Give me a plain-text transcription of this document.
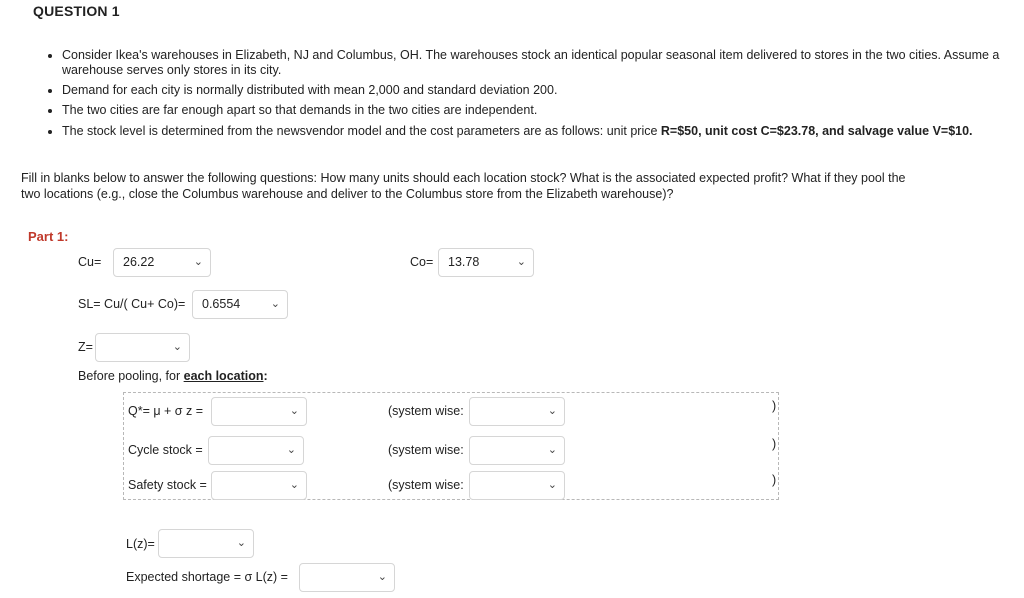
QUESTION 1
• Consider Ikea's warehouses in Elizabeth, NJ and Columbus, OH. The warehouses stock an identical popular seasonal item delivered to stores in the two cities. Assume a warehouse serves only stores in its city.
• Demand for each city is normally distributed with mean 2,000 and standard deviation 200.
• The two cities are far enough apart so that demands in the two cities are independent.
• The stock level is determined from the newsvendor model and the cost parameters are as follows: unit price R=$50, unit cost C=$23.78, and salvage value V=$10.
Fill in blanks below to answer the following questions: How many units should each location stock? What is the associated expected profit? What if they pool the two locations (e.g., close the Columbus warehouse and deliver to the Columbus store from the Elizabeth warehouse)?
Part 1:
Cu=	26.22	⌄	Co=	13.78	⌄
SL= Cu/( Cu+ Co)=	0.6554	⌄
Z=	⌄
Before pooling, for each location:
Q*= μ + σ z =	⌄	(system wise:	⌄	)
Cycle stock =	⌄	(system wise:	⌄	)
Safety stock =	⌄	(system wise:	⌄	)
L(z)=	⌄
Expected shortage = σ L(z) =	⌄
